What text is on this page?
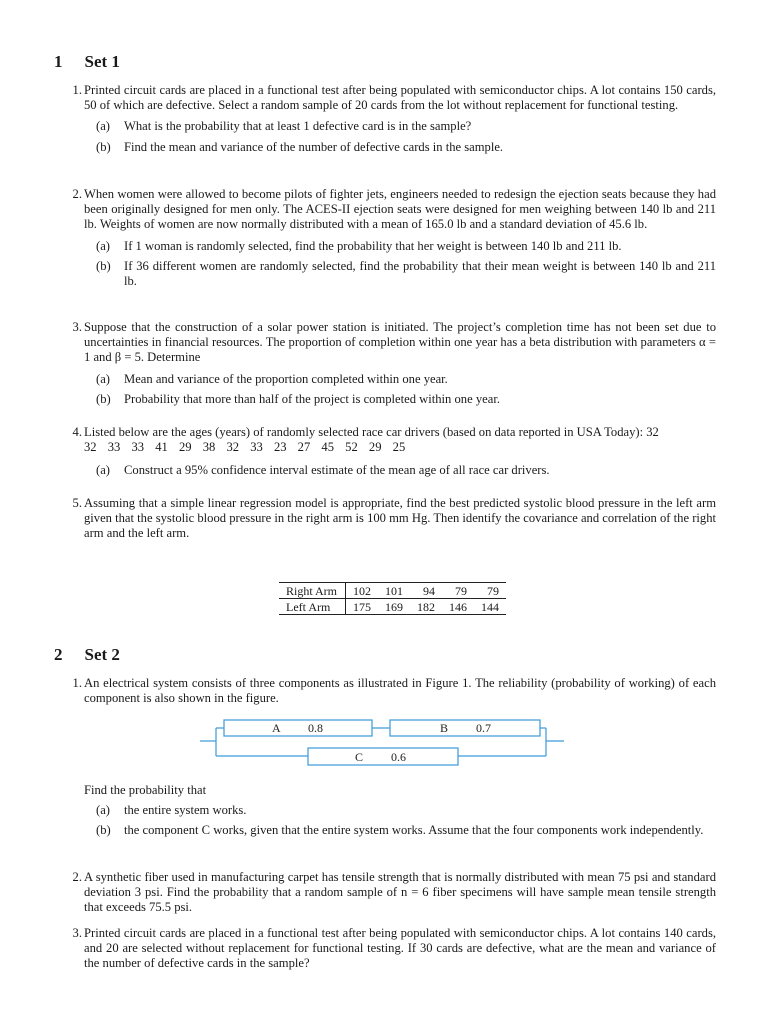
1 Set 1
1. Printed circuit cards are placed in a functional test after being populated with semiconductor chips. A lot contains 150 cards, 50 of which are defective. Select a random sample of 20 cards from the lot without replacement for functional testing.
(a) What is the probability that at least 1 defective card is in the sample?
(b) Find the mean and variance of the number of defective cards in the sample.
2. When women were allowed to become pilots of fighter jets, engineers needed to redesign the ejection seats because they had been originally designed for men only. The ACES-II ejection seats were designed for men weighing between 140 lb and 211 lb. Weights of women are now normally distributed with a mean of 165.0 lb and a standard deviation of 45.6 lb.
(a) If 1 woman is randomly selected, find the probability that her weight is between 140 lb and 211 lb.
(b) If 36 different women are randomly selected, find the probability that their mean weight is between 140 lb and 211 lb.
3. Suppose that the construction of a solar power station is initiated. The project’s completion time has not been set due to uncertainties in financial resources. The proportion of completion within one year has a beta distribution with parameters α = 1 and β = 5. Determine
(a) Mean and variance of the proportion completed within one year.
(b) Probability that more than half of the project is completed within one year.
4. Listed below are the ages (years) of randomly selected race car drivers (based on data reported in USA Today): 32
32 33 33 41 29 38 32 33 23 27 45 52 29 25
(a) Construct a 95% confidence interval estimate of the mean age of all race car drivers.
5. Assuming that a simple linear regression model is appropriate, find the best predicted systolic blood pressure in the left arm given that the systolic blood pressure in the right arm is 100 mm Hg. Then identify the covariance and correlation of the right arm and the left arm.
Right Arm	102	101	94	79	79
Left Arm	175	169	182	146	144
2 Set 2
1. An electrical system consists of three components as illustrated in Figure 1. The reliability (probability of working) of each component is also shown in the figure.
A 0.8	B 0.7
C 0.6
Find the probability that
(a) the entire system works.
(b) the component C works, given that the entire system works. Assume that the four components work independently.
2. A synthetic fiber used in manufacturing carpet has tensile strength that is normally distributed with mean 75 psi and standard deviation 3 psi. Find the probability that a random sample of n = 6 fiber specimens will have sample mean tensile strength that exceeds 75.5 psi.
3. Printed circuit cards are placed in a functional test after being populated with semiconductor chips. A lot contains 140 cards, and 20 are selected without replacement for functional testing. If 30 cards are defective, what are the mean and variance of the number of defective cards in the sample?
